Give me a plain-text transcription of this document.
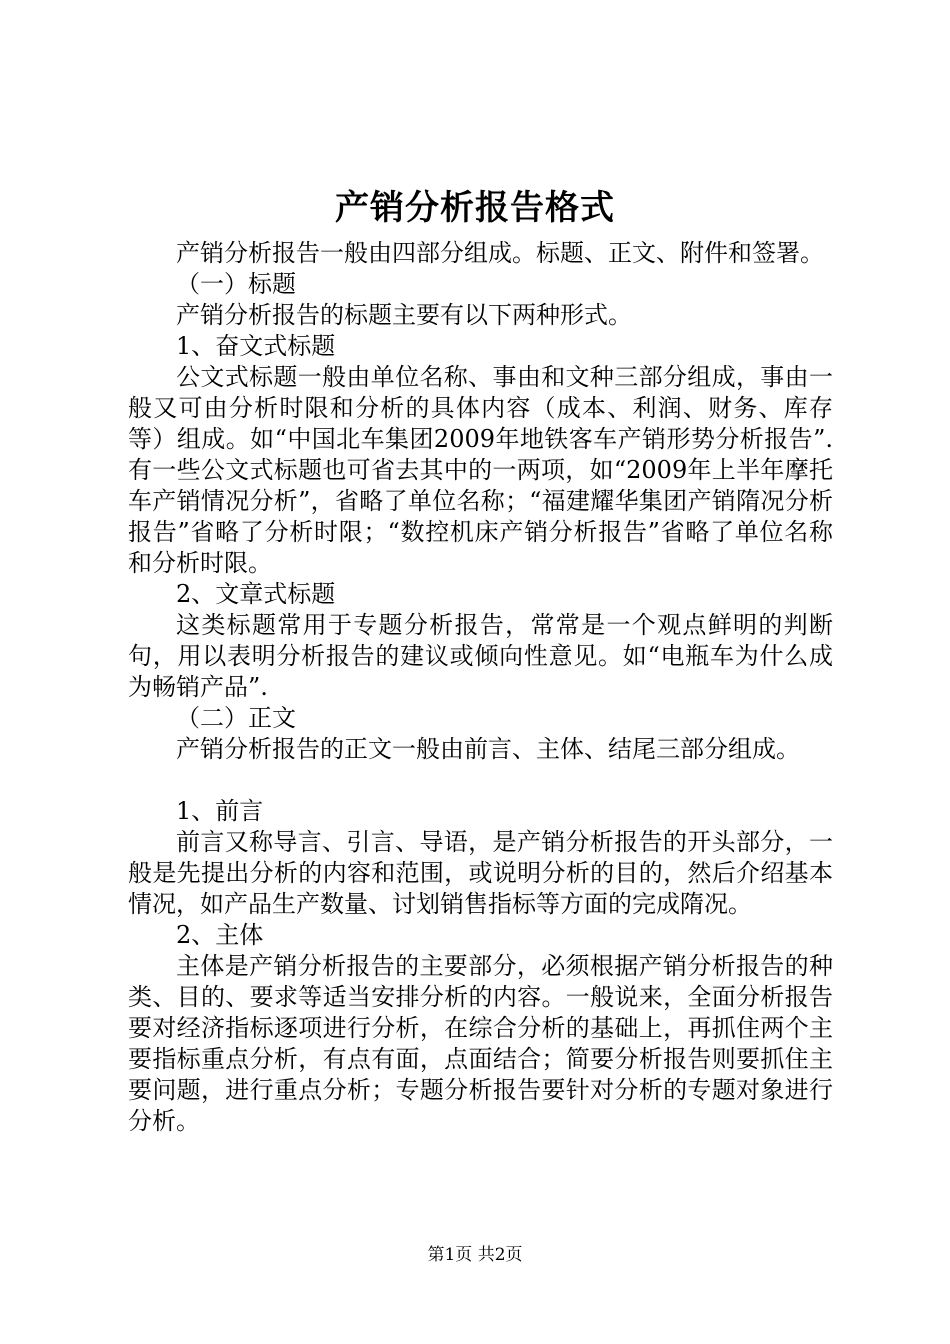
产销分析报告格式

产销分析报告一般由四部分组成。标题、正文、附件和签署。

（一）标题

产销分析报告的标题主要有以下两种形式。

1、奋文式标题

公文式标题一般由单位名称、事由和文种三部分组成，事由一般又可由分析时限和分析的具体内容（成本、利润、财务、库存等）组成。如“中国北车集团2009年地铁客车产销形势分析报告”.有一些公文式标题也可省去其中的一两项，如“2009年上半年摩托车产销情况分析”，省略了单位名称；“福建耀华集团产销隋况分析报告”省略了分析时限；“数控机床产销分析报告”省略了单位名称和分析时限。

2、文章式标题

这类标题常用于专题分析报告，常常是一个观点鲜明的判断句，用以表明分析报告的建议或倾向性意见。如“电瓶车为什么成为畅销产品”.

（二）正文

产销分析报告的正文一般由前言、主体、结尾三部分组成。

1、前言

前言又称导言、引言、导语，是产销分析报告的开头部分，一般是先提出分析的内容和范围，或说明分析的目的，然后介绍基本情况，如产品生产数量、讨划销售指标等方面的完成隋况。

2、主体

主体是产销分析报告的主要部分，必须根据产销分析报告的种类、目的、要求等适当安排分析的内容。一般说来，全面分析报告要对经济指标逐项进行分析，在综合分析的基础上，再抓住两个主要指标重点分析，有点有面，点面结合；简要分析报告则要抓住主要问题，进行重点分析；专题分析报告要针对分析的专题对象进行分析。

第1页 共2页
